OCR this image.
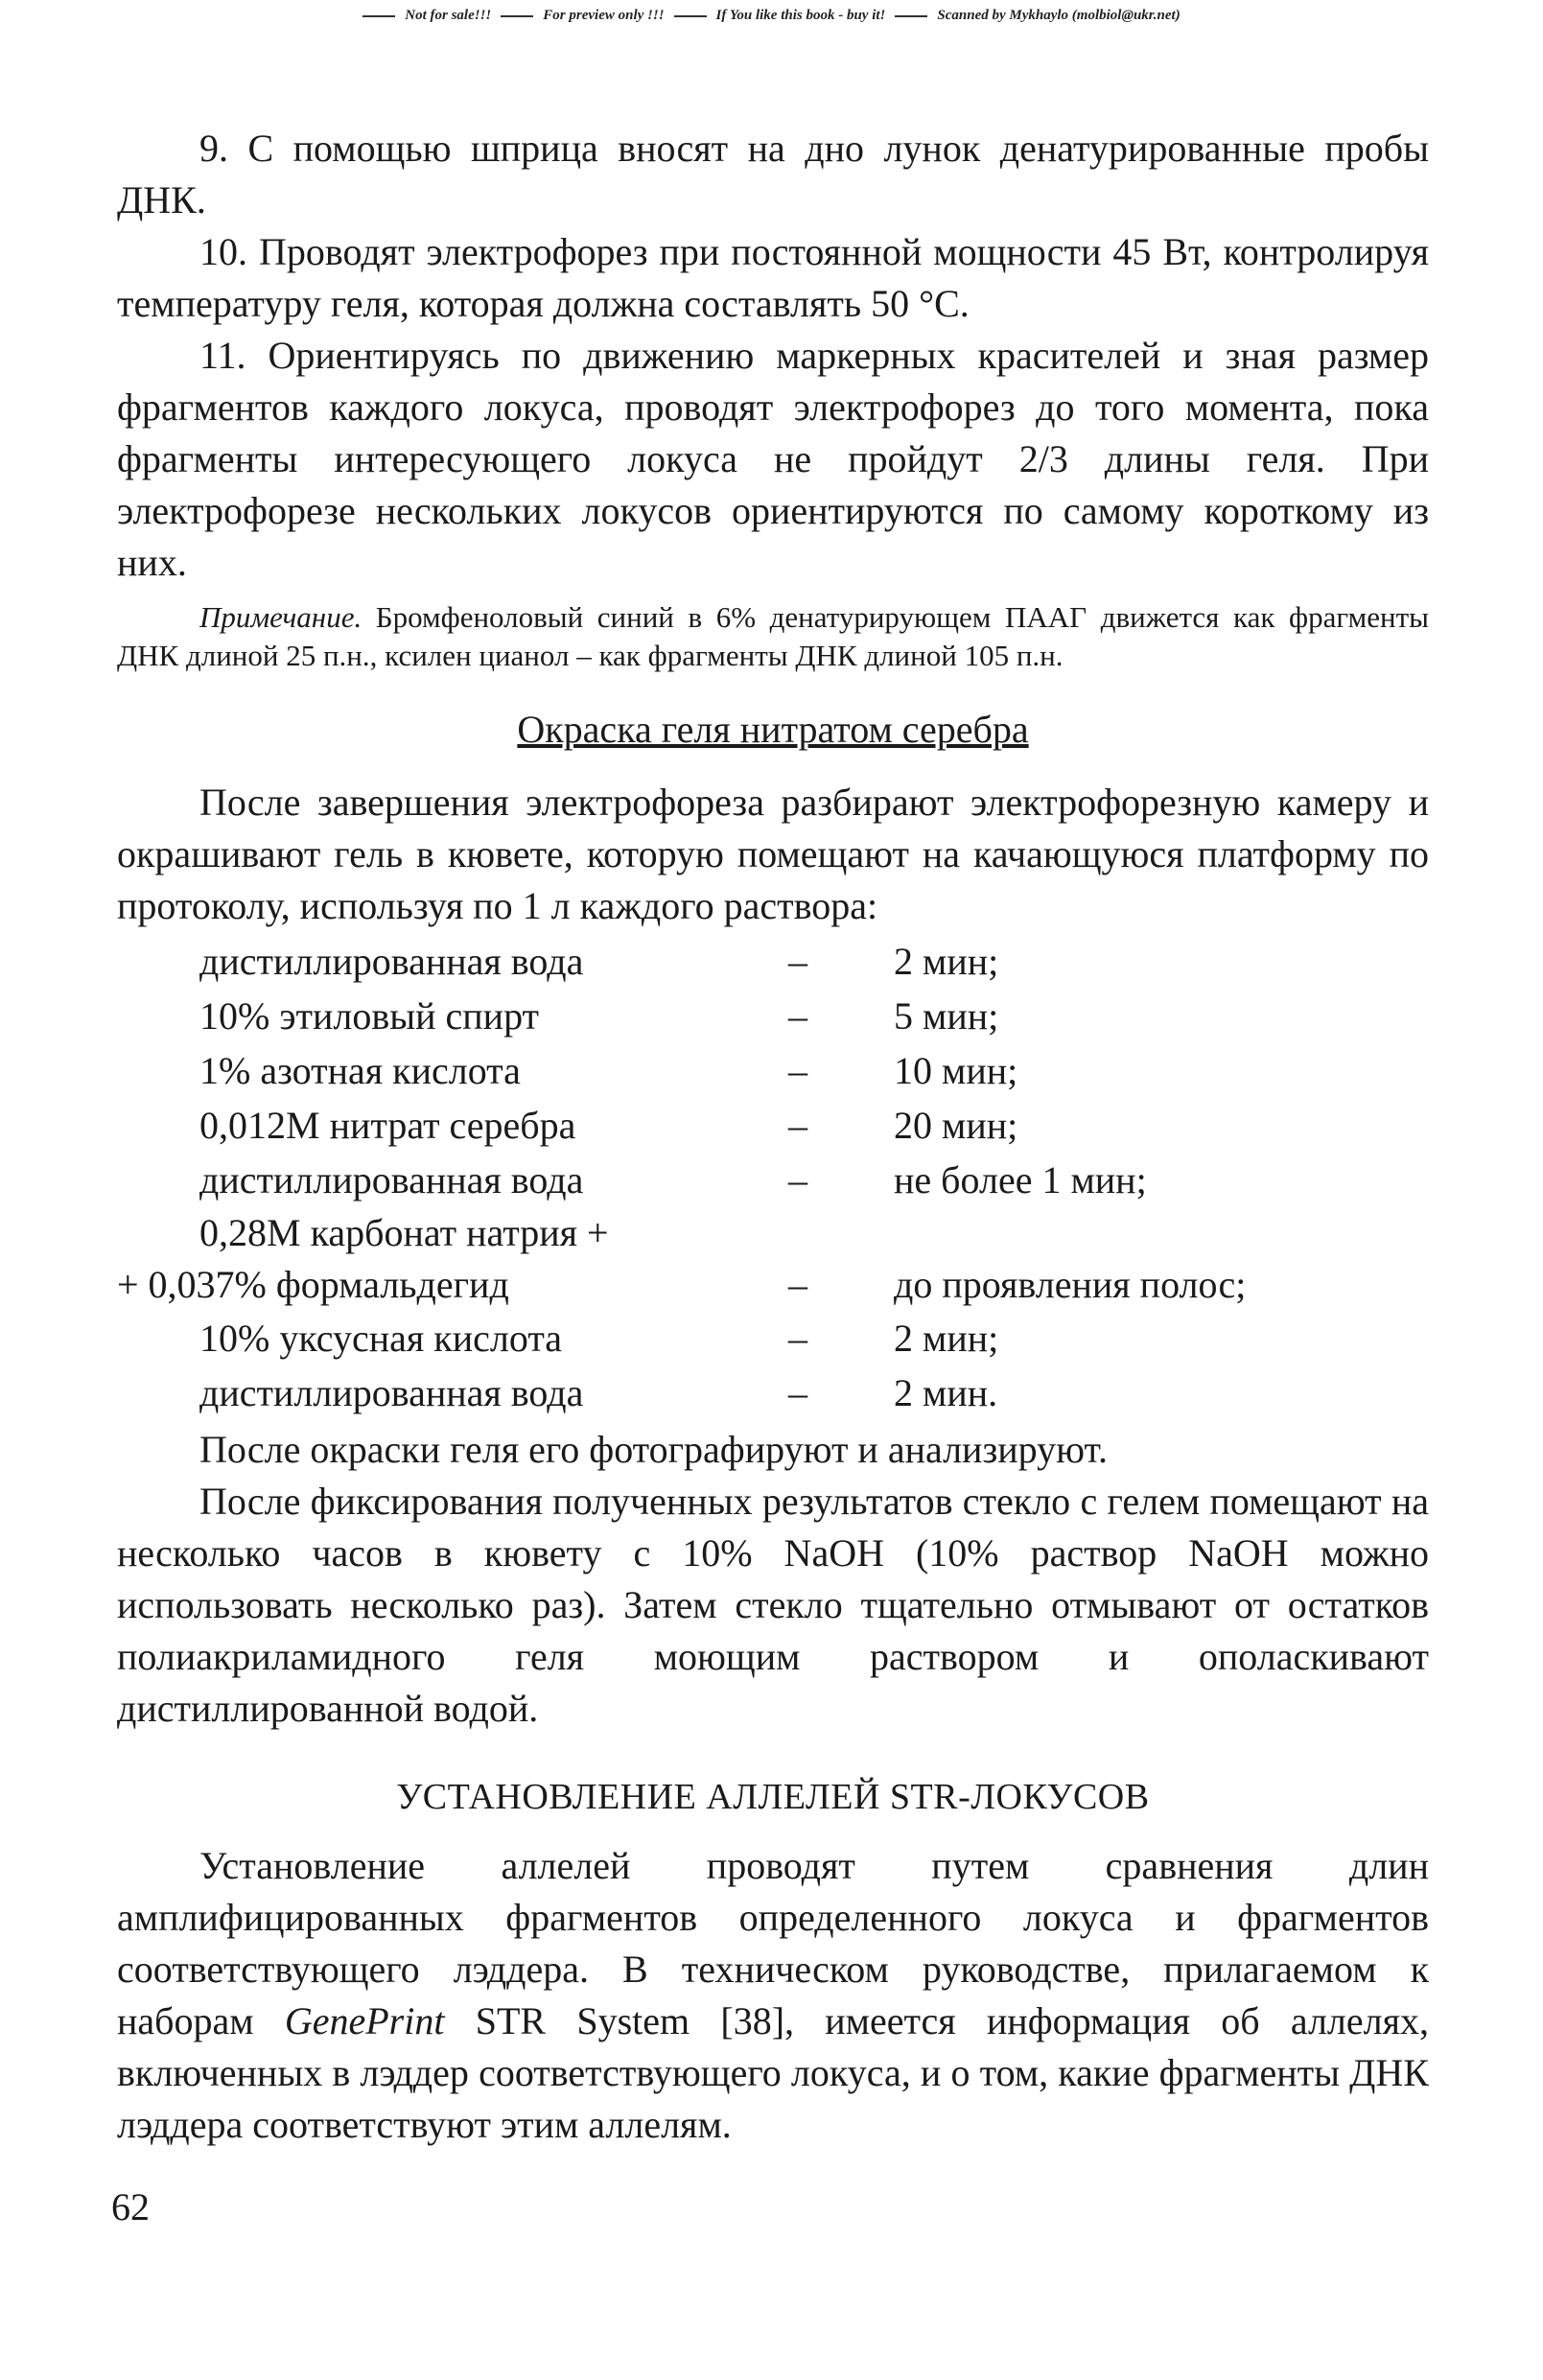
Not for sale!!!	For preview only !!!	If You like this book - buy it!	Scanned by Mykhaylo (molbiol@ukr.net)

9. С помощью шприца вносят на дно лунок денатурированные пробы ДНК.

10. Проводят электрофорез при постоянной мощности 45 Вт, контролируя температуру геля, которая должна составлять 50 °С.

11. Ориентируясь по движению маркерных красителей и зная размер фрагментов каждого локуса, проводят электрофорез до того момента, пока фрагменты интересующего локуса не пройдут 2/3 длины геля. При электрофорезе нескольких локусов ориентируются по самому короткому из них.

Примечание. Бромфеноловый синий в 6% денатурирующем ПААГ движется как фрагменты ДНК длиной 25 п.н., ксилен цианол – как фрагменты ДНК длиной 105 п.н.

Окраска геля нитратом серебра

После завершения электрофореза разбирают электрофорезную камеру и окрашивают гель в кювете, которую помещают на качающуюся платформу по протоколу, используя по 1 л каждого раствора:

дистиллированная вода	–	2 мин;
10% этиловый спирт	–	5 мин;
1% азотная кислота	–	10 мин;
0,012М нитрат серебра	–	20 мин;
дистиллированная вода	–	не более 1 мин;
0,28М карбонат натрия +
+ 0,037% формальдегид	–	до проявления полос;
10% уксусная кислота	–	2 мин;
дистиллированная вода	–	2 мин.

После окраски геля его фотографируют и анализируют.

После фиксирования полученных результатов стекло с гелем помещают на несколько часов в кювету с 10% NaOH (10% раствор NaOH можно использовать несколько раз). Затем стекло тщательно отмывают от остатков полиакриламидного геля моющим раствором и ополаскивают дистиллированной водой.

УСТАНОВЛЕНИЕ АЛЛЕЛЕЙ STR-ЛОКУСОВ

Установление аллелей проводят путем сравнения длин амплифицированных фрагментов определенного локуса и фрагментов соответствующего лэддера. В техническом руководстве, прилагаемом к наборам GenePrint STR System [38], имеется информация об аллелях, включенных в лэддер соответствующего локуса, и о том, какие фрагменты ДНК лэддера соответствуют этим аллелям.

62
